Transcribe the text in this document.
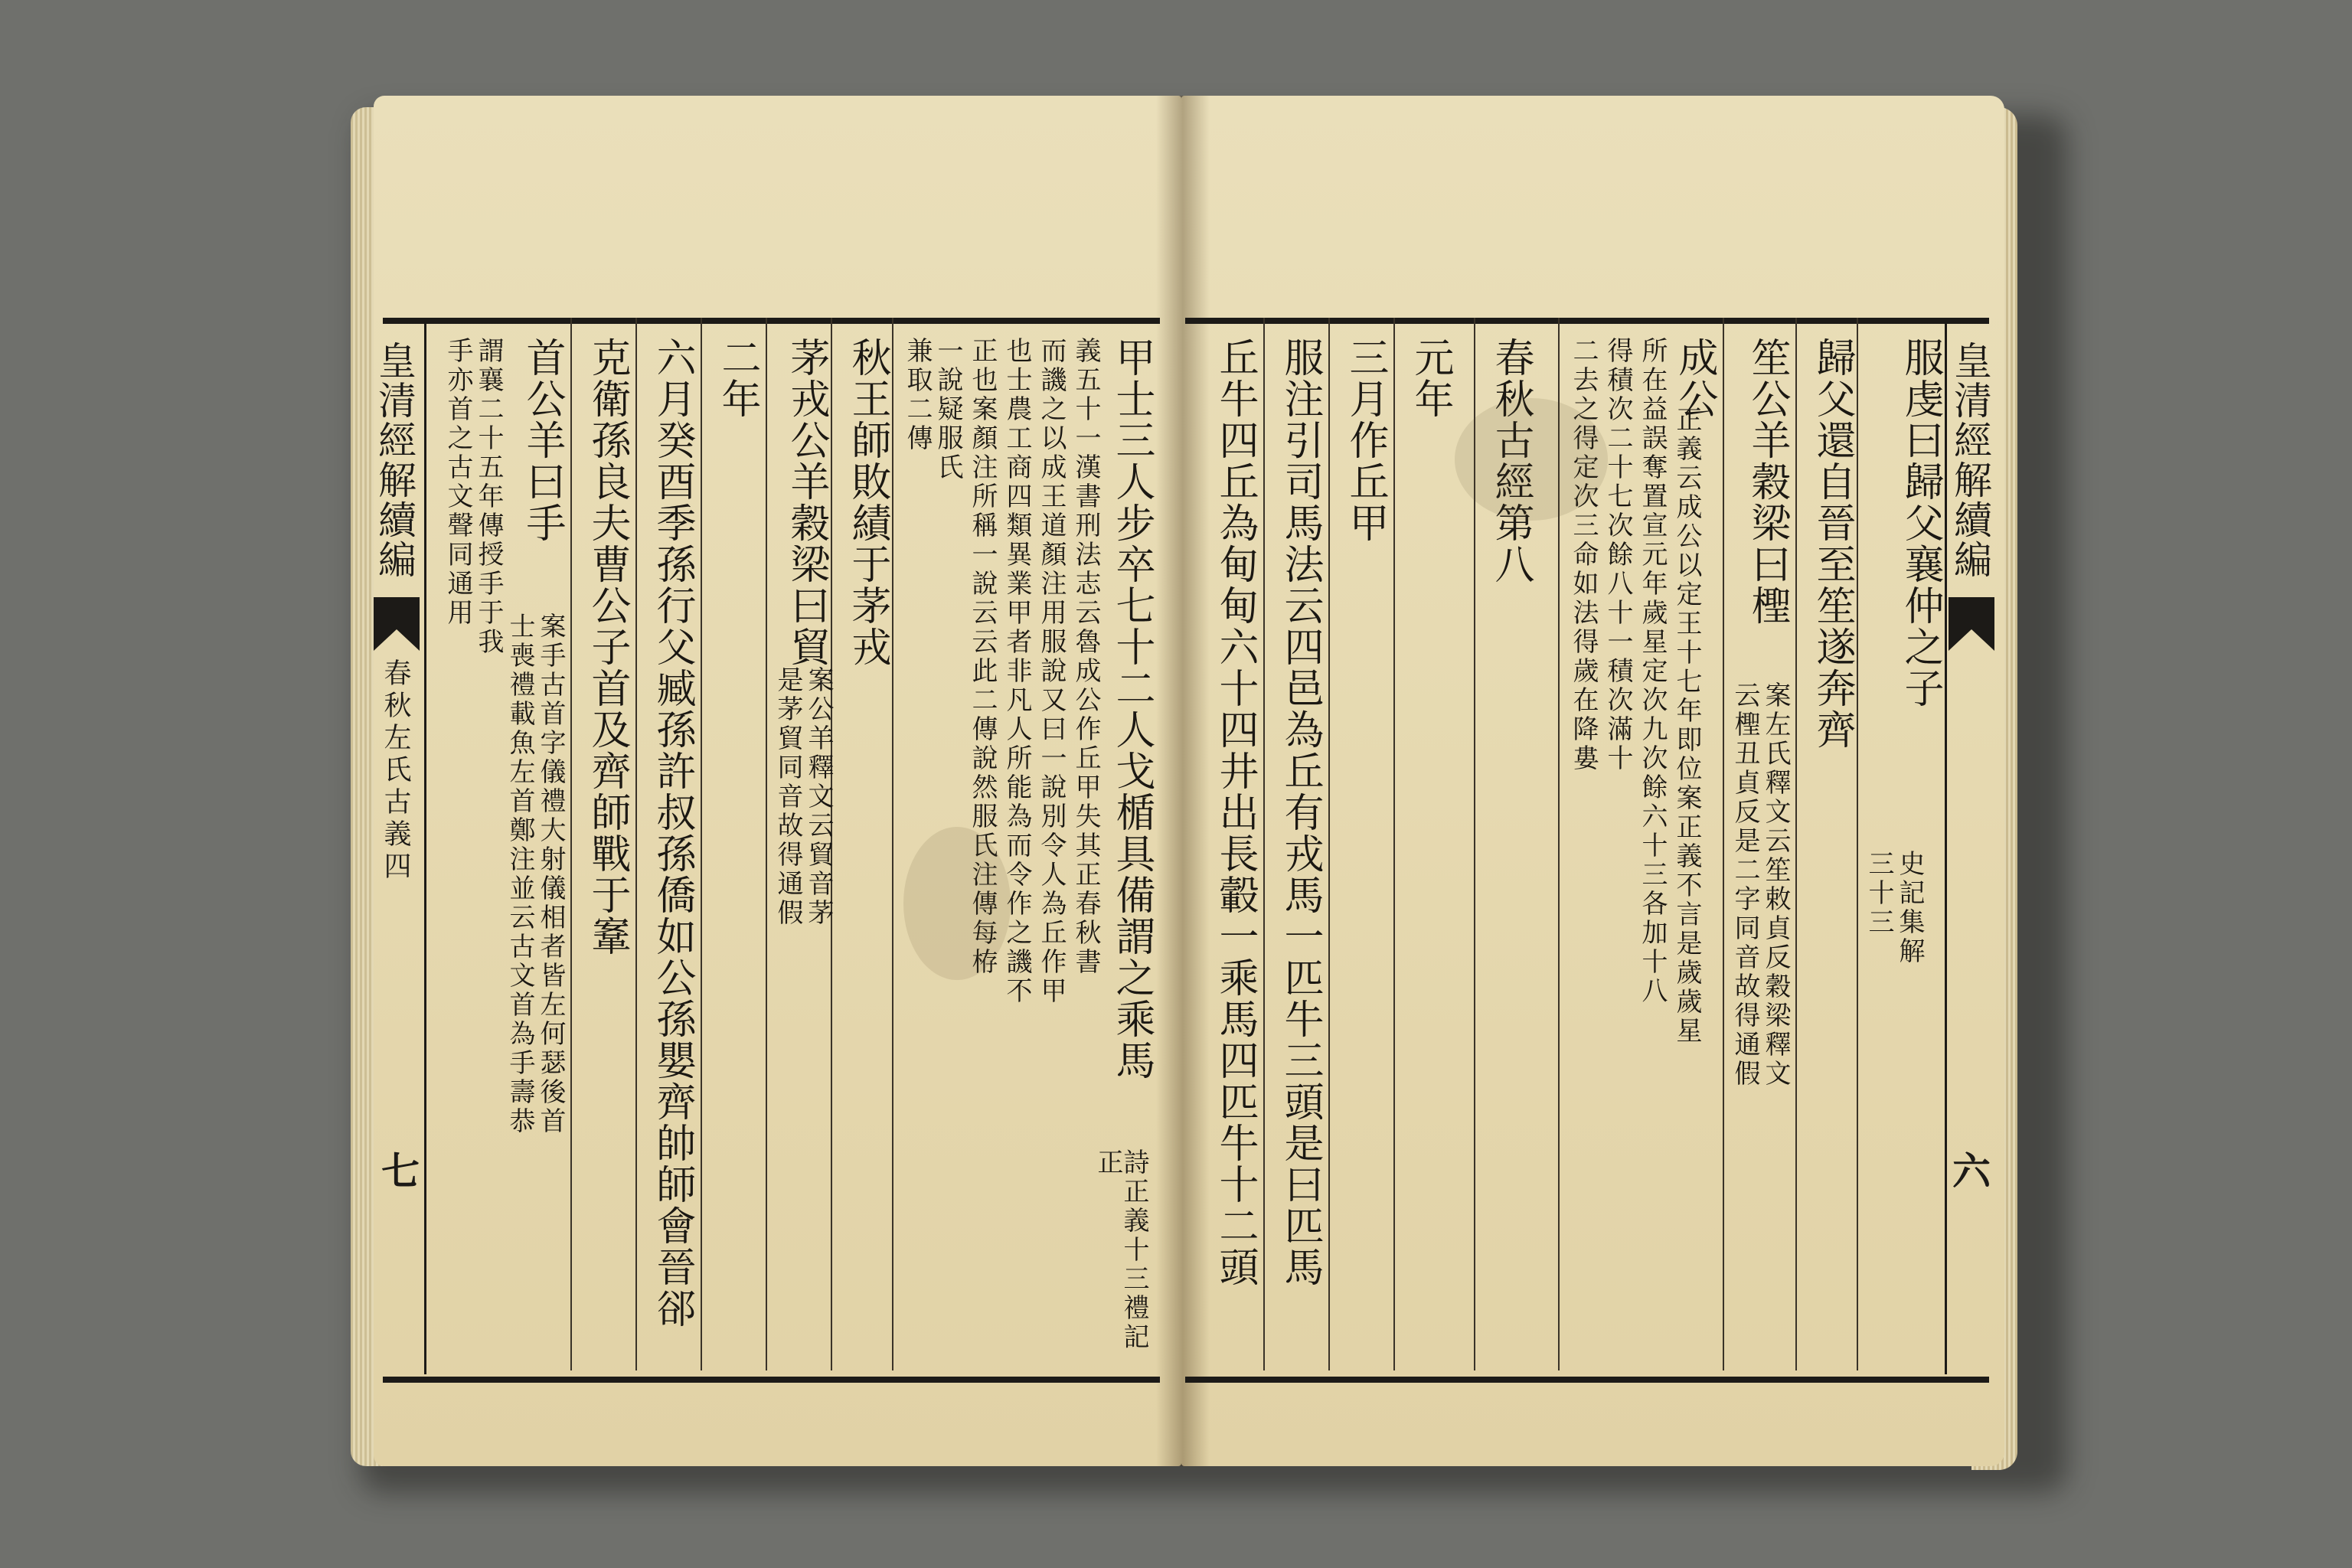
皇清經解續編
春秋左氏古義四
七
皇清經解續編
六
甲士三人步卒七十二人戈楯具備謂之乘馬
詩正義十三禮記正
義五十一漢書刑法志云魯成公作丘甲失其正春秋書
而譏之以成王道顏注用服說又曰一說別令人為丘作甲
也士農工商四類異業甲者非凡人所能為而令作之譏不
正也案顏注所稱一說云云此二傳說然服氏注傳每栫
一說疑服氏
兼取二傳
秋王師敗績于茅戎
茅戎公羊穀梁曰貿
案公羊釋文云貿音茅
是茅貿同音故得通假
二年
六月癸酉季孫行父臧孫許叔孫僑如公孫嬰齊帥師會晉郤
克衛孫良夫曹公子首及齊師戰于鞌
首公羊曰手
案手古首字儀禮大射儀相者皆左何瑟後首
士喪禮載魚左首鄭注並云古文首為手壽恭
謂襄二十五年傳授手于我
手亦首之古文聲同通用	服虔曰歸父襄仲之子
史記集解
三十三
歸父還自晉至笙遂奔齊
笙公羊穀梁曰檉
案左氏釋文云笙敕貞反穀梁釋文
云檉丑貞反是二字同音故得通假
成公
正義云成公以定王十七年即位案正義不言是歲歲星
所在益誤奪置宣元年歲星定次九次餘六十三各加十八
得積次二十七次餘八十一積次滿十
二去之得定次三命如法得歲在降婁
春秋古經第八
元年
三月作丘甲
服注引司馬法云四邑為丘有戎馬一匹牛三頭是曰匹馬
丘牛四丘為甸甸六十四井出長轂一乘馬四匹牛十二頭
